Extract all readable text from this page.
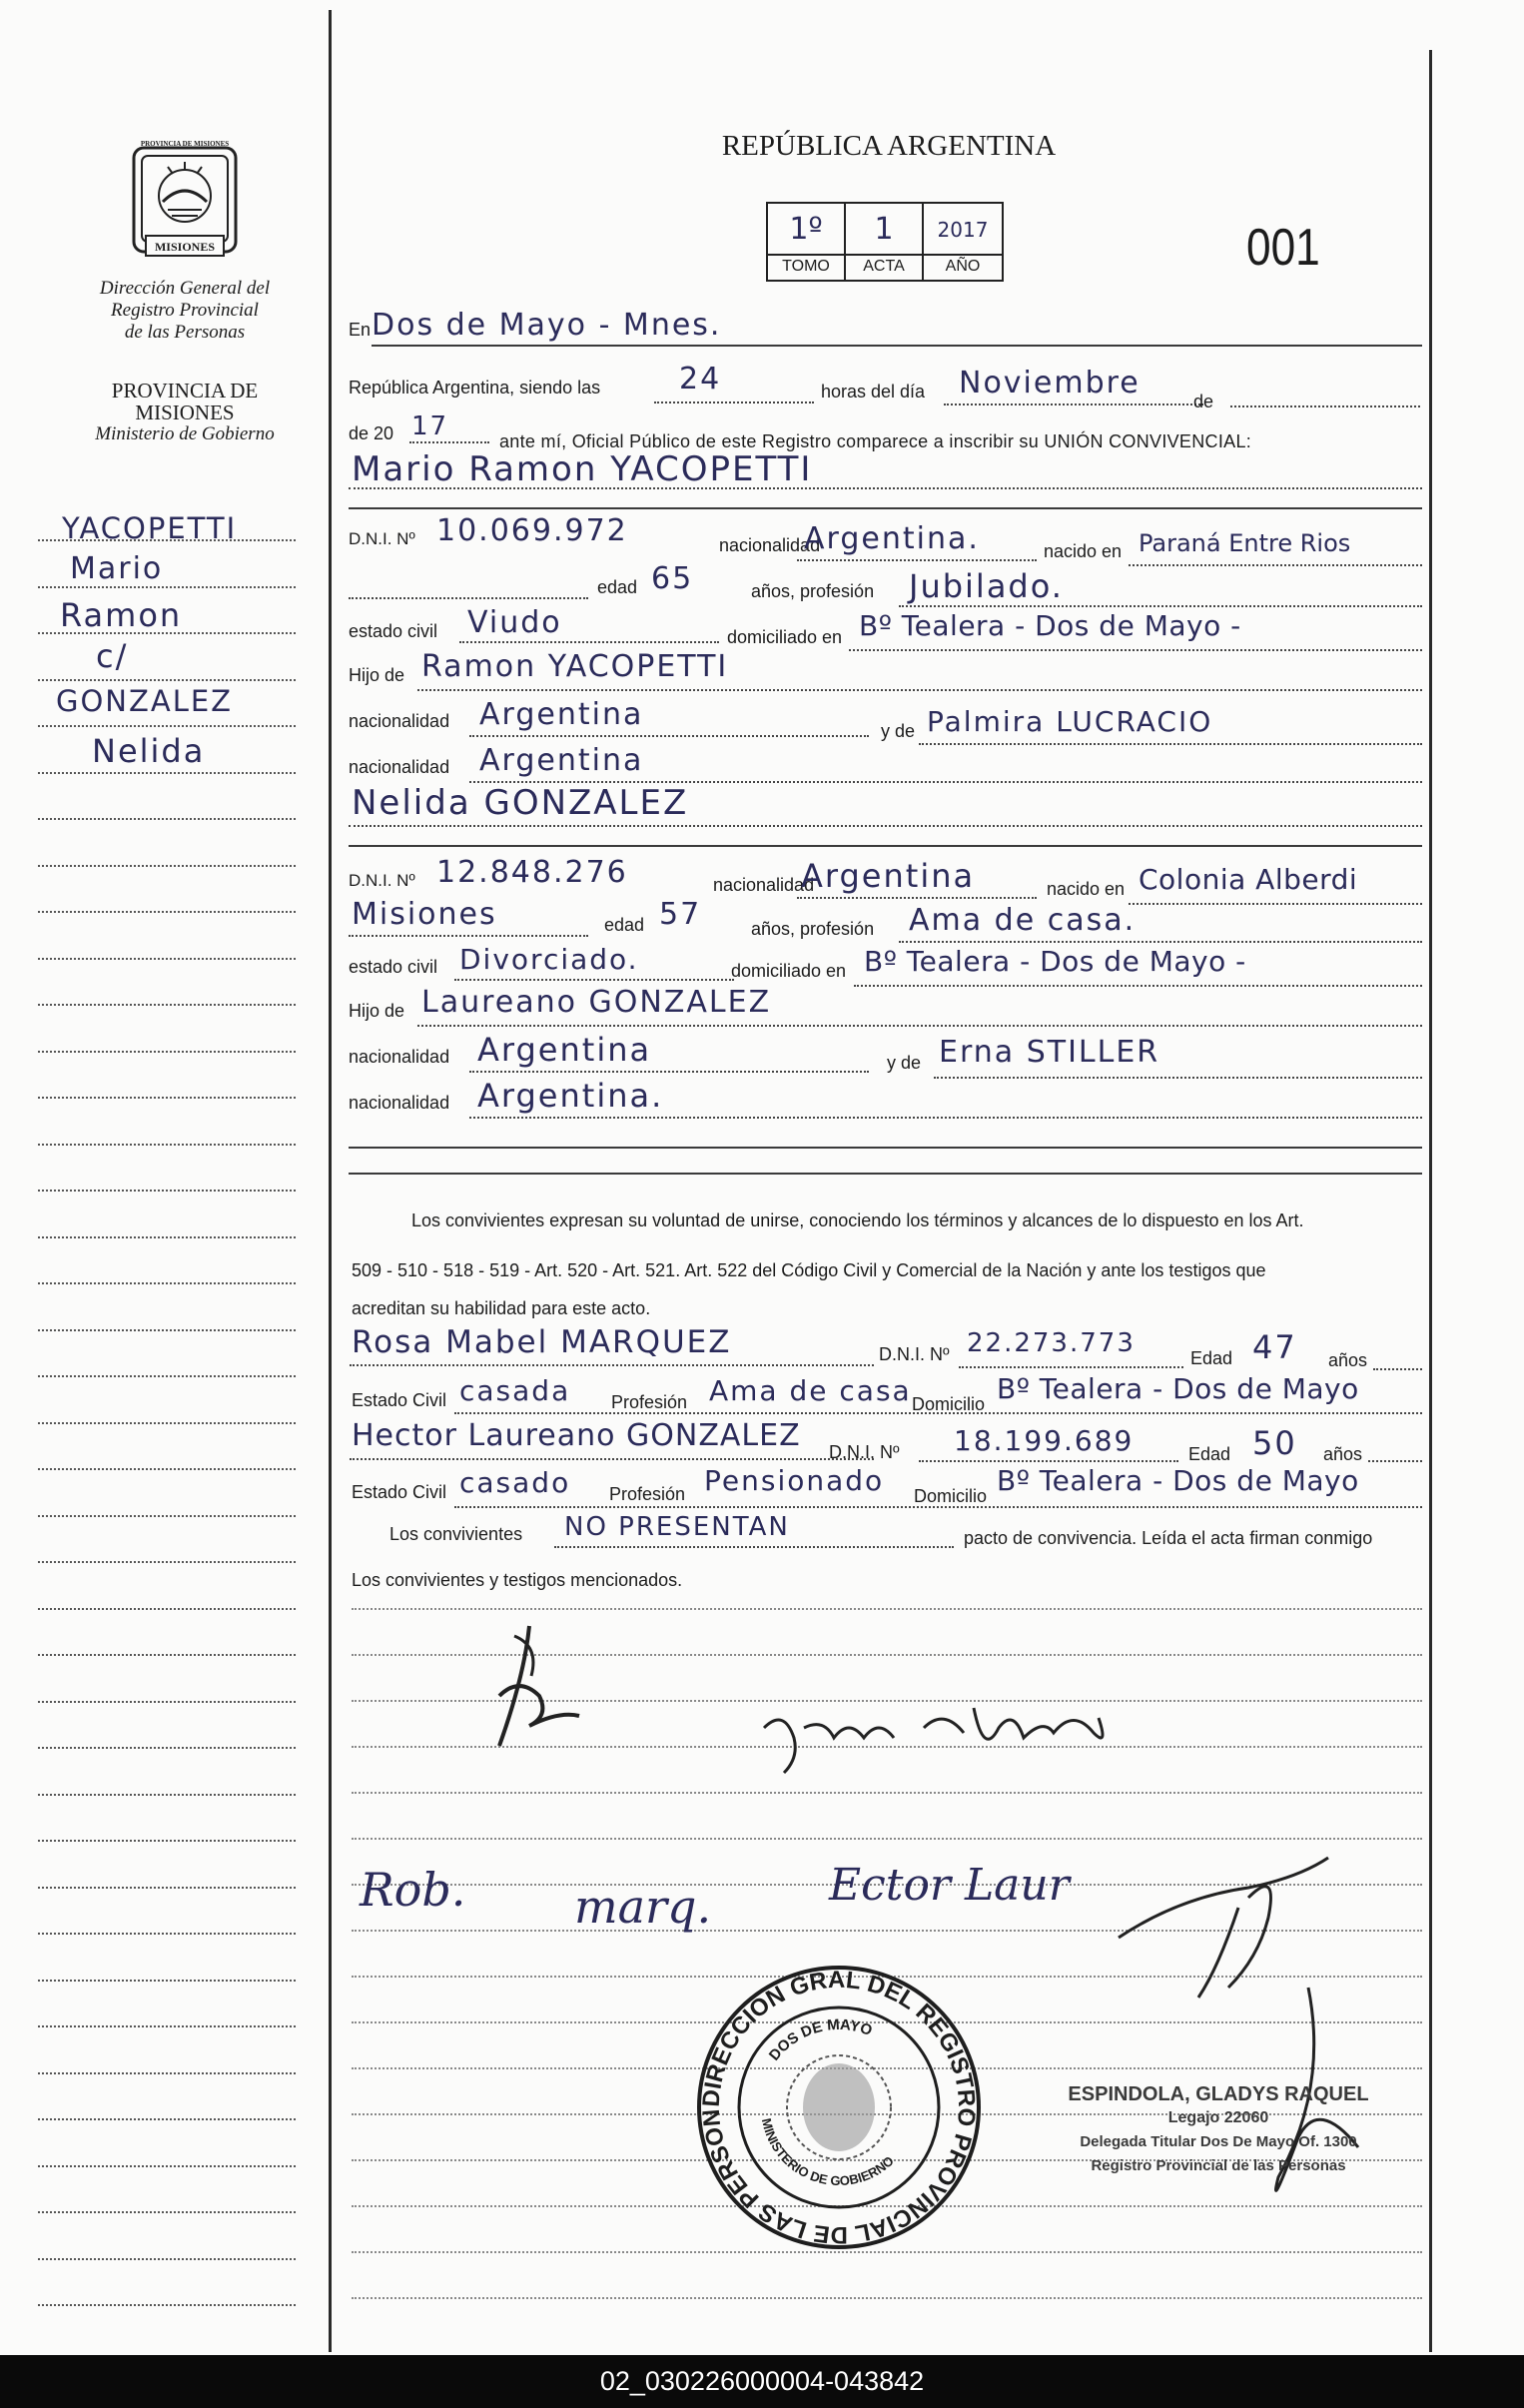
PROVINCIA DE MISIONES
MISIONES
Dirección General del
Registro Provincial
de las Personas
PROVINCIA DE
MISIONES
Ministerio de Gobierno
YACOPETTI
Mario
Ramon
c/
GONZALEZ
Nelida
REPÚBLICA ARGENTINA
1º	1	2017
TOMO	ACTA	AÑO	001
En Dos de Mayo - Mnes.
República Argentina, siendo las	24	horas del día Noviembre
de
de 20 17	ante mí, Oficial Público de este Registro comparece a inscribir su UNIÓN CONVIVENCIAL:
Mario Ramon YACOPETTI
D.N.I. Nº 10.069.972	nacionalidad
Argentina.	nacido en Paraná Entre Rios
edad 65	años, profesión Jubilado.
estado civil Viudo	domiciliado en Bº Tealera - Dos de Mayo -
Hijo de Ramon YACOPETTI
nacionalidad Argentina	y de Palmira LUCRACIO
nacionalidad Argentina
Nelida GONZALEZ
D.N.I. Nº 12.848.276	nacionalidad
Argentina	nacido en Colonia Alberdi
Misiones	edad 57	años, profesión Ama de casa.
estado civil Divorciado.	domiciliado en Bº Tealera - Dos de Mayo -
Hijo de Laureano GONZALEZ
nacionalidad Argentina	y de Erna STILLER
nacionalidad Argentina.
Los convivientes expresan su voluntad de unirse, conociendo los términos y alcances de lo dispuesto en los Art.
509 - 510 - 518 - 519 - Art. 520 - Art. 521. Art. 522 del Código Civil y Comercial de la Nación y ante los testigos que
acreditan su habilidad para este acto.
Rosa Mabel MARQUEZ	D.N.I. Nº 22.273.773	Edad 47 años
Estado Civil casada Profesión Ama de casa Domicilio Bº Tealera - Dos de Mayo
Hector Laureano GONZALEZ D.N.I. Nº 18.199.689	Edad 50 años
Estado Civil casado Profesión Pensionado Domicilio Bº Tealera - Dos de Mayo
Los convivientes NO PRESENTAN	pacto de convivencia. Leída el acta firman conmigo
Los convivientes y testigos mencionados.
Rob. marq.	Ector Laur
DIRECCION GRAL DEL REGISTRO PROVINCIAL DE LAS PERSON
DOS DE MAYO
MINISTERIO DE GOBIERNO
ESPINDOLA, GLADYS RAQUEL
Legajo 22060
Delegada Titular Dos De Mayo Of. 1300
Registro Provincial de las Personas
02_030226000004-043842
